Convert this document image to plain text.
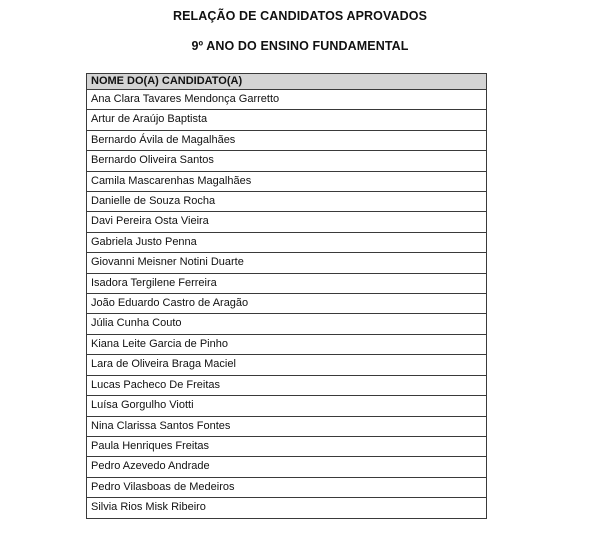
RELAÇÃO DE CANDIDATOS APROVADOS
9º ANO DO ENSINO FUNDAMENTAL
NOME DO(A) CANDIDATO(A)
Ana Clara Tavares Mendonça Garretto
Artur de Araújo Baptista
Bernardo Ávila de Magalhães
Bernardo Oliveira Santos
Camila Mascarenhas Magalhães
Danielle de Souza Rocha
Davi Pereira Osta Vieira
Gabriela Justo Penna
Giovanni Meisner Notini Duarte
Isadora Tergilene Ferreira
João Eduardo Castro de Aragão
Júlia Cunha Couto
Kiana Leite Garcia de Pinho
Lara de Oliveira Braga Maciel
Lucas Pacheco De Freitas
Luísa Gorgulho Viotti
Nina Clarissa Santos Fontes
Paula Henriques Freitas
Pedro Azevedo Andrade
Pedro Vilasboas de Medeiros
Silvia Rios Misk Ribeiro
